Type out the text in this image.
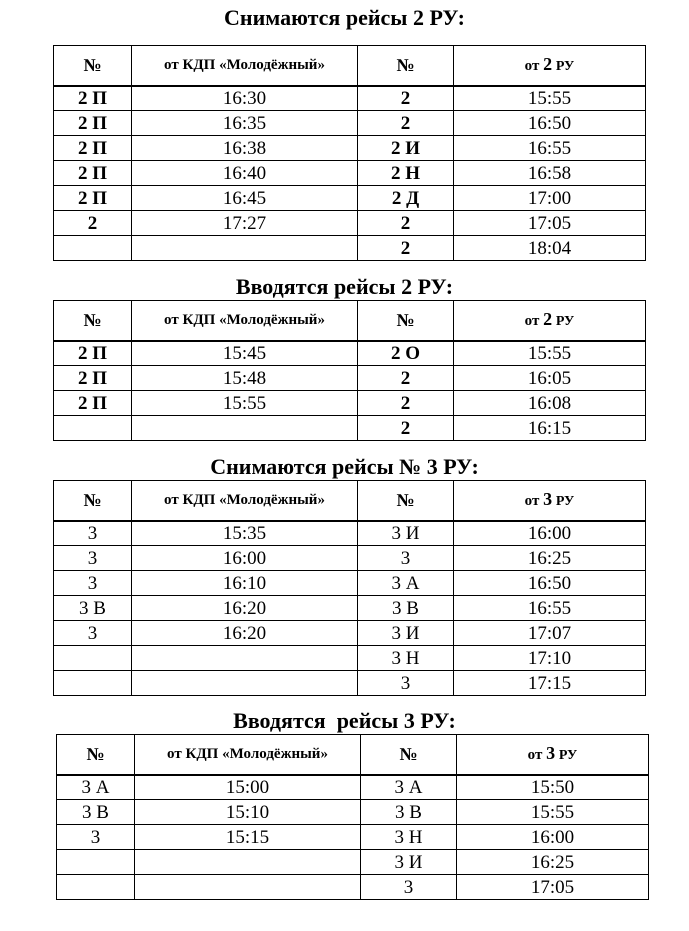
Снимаются рейсы 2 РУ:
№	от КДП «Молодёжный»	№	от 2 РУ
2 П	16:30	2	15:55
2 П	16:35	2	16:50
2 П	16:38	2 И	16:55
2 П	16:40	2 Н	16:58
2 П	16:45	2 Д	17:00
2	17:27	2	17:05
		2	18:04
Вводятся рейсы 2 РУ:
№	от КДП «Молодёжный»	№	от 2 РУ
2 П	15:45	2 О	15:55
2 П	15:48	2	16:05
2 П	15:55	2	16:08
		2	16:15
Снимаются рейсы № 3 РУ:
№	от КДП «Молодёжный»	№	от 3 РУ
3	15:35	3 И	16:00
3	16:00	3	16:25
3	16:10	3 А	16:50
3 В	16:20	3 В	16:55
3	16:20	3 И	17:07
		3 Н	17:10
		3	17:15
Вводятся  рейсы 3 РУ:
№	от КДП «Молодёжный»	№	от 3 РУ
3 А	15:00	3 А	15:50
3 В	15:10	3 В	15:55
3	15:15	3 Н	16:00
		3 И	16:25
		3	17:05
